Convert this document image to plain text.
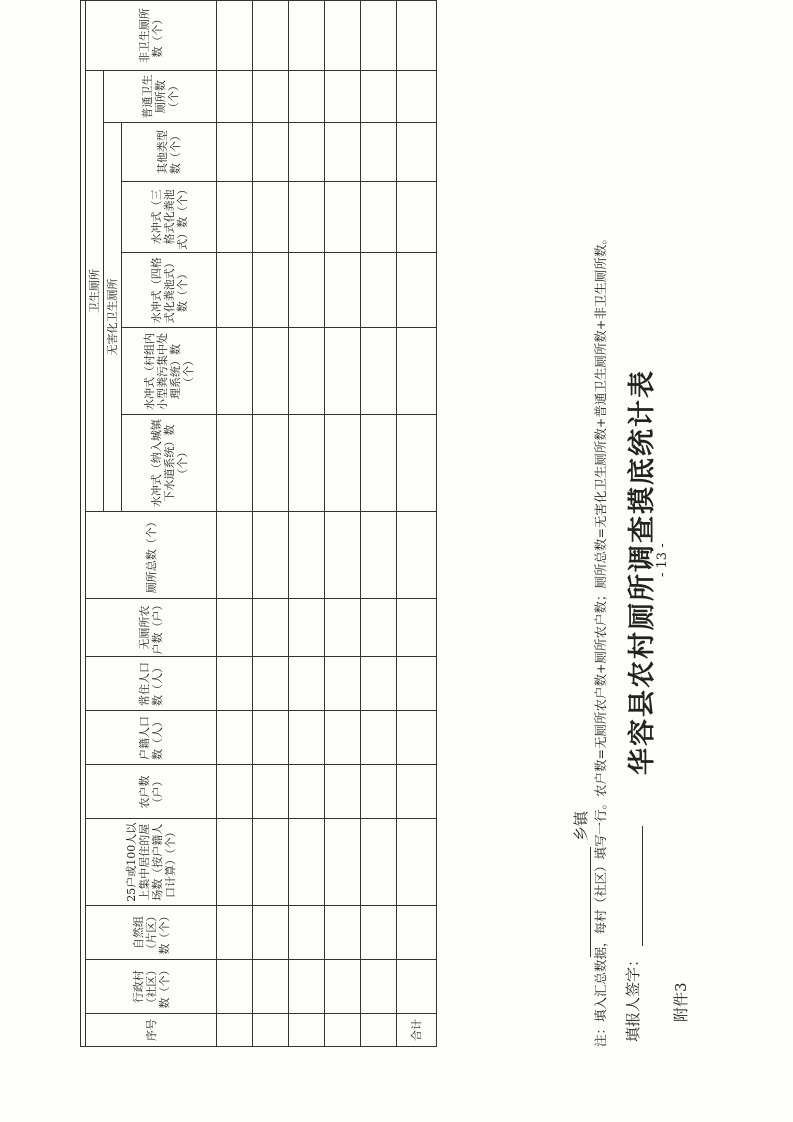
附件3
华容县农村厕所调查摸底统计表
乡镇

序号	行政村（社区）数（个）	自然组（片区）数（个）	25户或100人以上集中居住的屋场数（按户籍人口计算）（个）	农户数（户）	户籍人口数（人）	常住人口数（人）	无厕所农户数（户）	厕所总数（个）	卫生厕所						非卫生厕所数（个）
									无害化卫生厕所					普通卫生厕所数（个）	
									水冲式（纳入城镇下水道系统）数（个）	水冲式（村组内小型粪污集中处理系统）数（个）	水冲式（四格式化粪池式）数（个）	水冲式（三格式化粪池式）数（个）	其他类型数（个）		

合计																注：填入汇总数据，每村（社区）填写一行。农户数=无厕所农户数+厕所农户数；厕所总数=无害化卫生厕所数+普通卫生厕所数+非卫生厕所数。 填报人签字：
- 13 -
